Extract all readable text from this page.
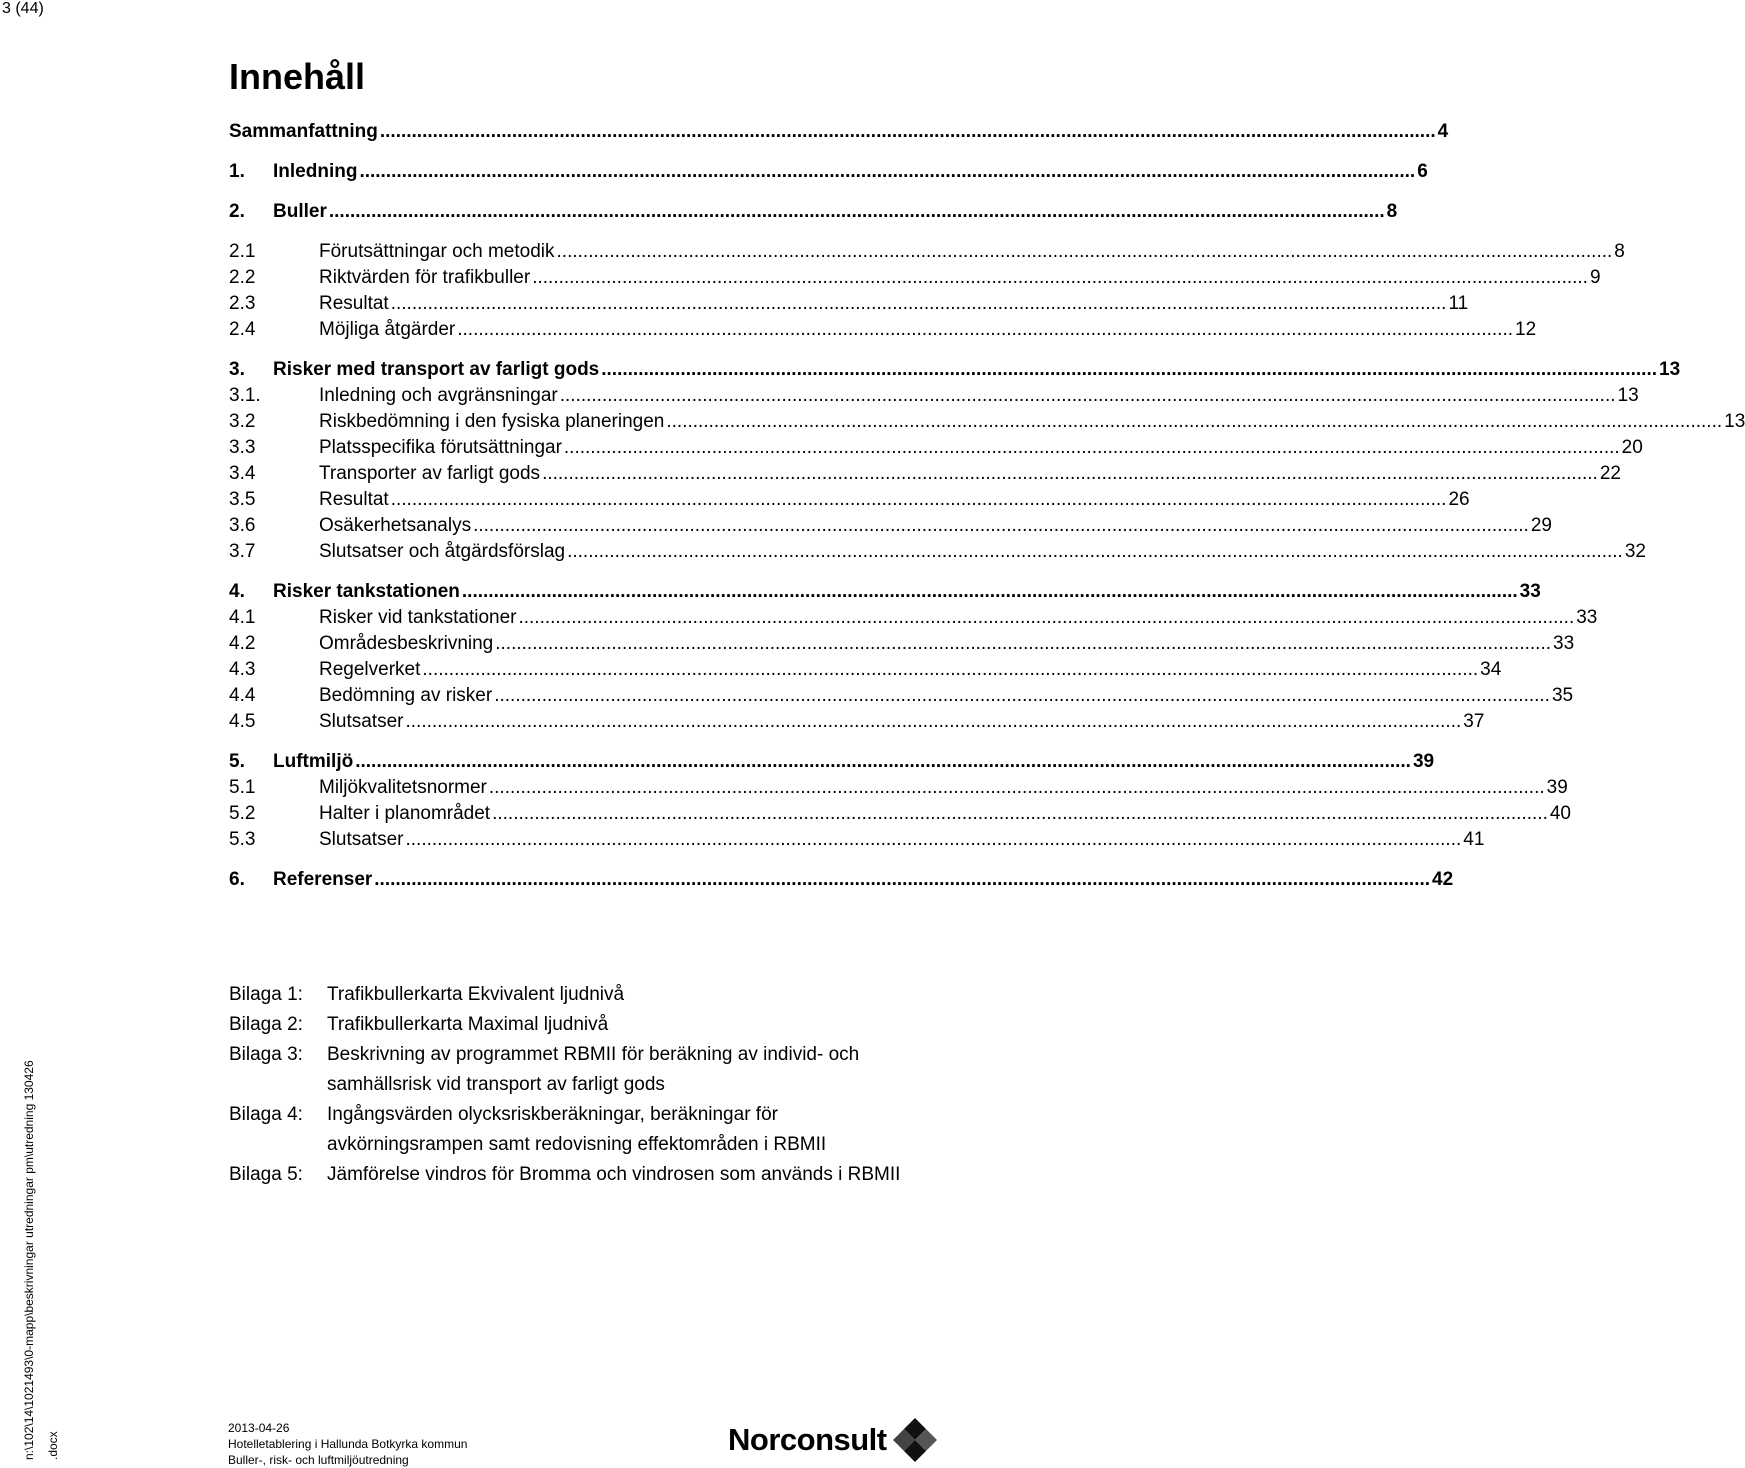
3 (44)
Innehåll
Sammanfattning ........................................................................................................................................................................................................ 4
1.	Inledning ........................................................................................................................................................................................................ 6
2.	Buller ........................................................................................................................................................................................................ 8
2.1	Förutsättningar och metodik ........................................................................................................................................................................................................ 8
2.2	Riktvärden för trafikbuller ........................................................................................................................................................................................................ 9
2.3	Resultat ........................................................................................................................................................................................................ 11
2.4	Möjliga åtgärder ........................................................................................................................................................................................................ 12
3.	Risker med transport av farligt gods ........................................................................................................................................................................................................ 13
3.1.	Inledning och avgränsningar ........................................................................................................................................................................................................ 13
3.2	Riskbedömning i den fysiska planeringen ........................................................................................................................................................................................................ 13
3.3	Platsspecifika förutsättningar ........................................................................................................................................................................................................ 20
3.4	Transporter av farligt gods ........................................................................................................................................................................................................ 22
3.5	Resultat ........................................................................................................................................................................................................ 26
3.6	Osäkerhetsanalys ........................................................................................................................................................................................................ 29
3.7	Slutsatser och åtgärdsförslag ........................................................................................................................................................................................................ 32
4.	Risker tankstationen ........................................................................................................................................................................................................ 33
4.1	Risker vid tankstationer ........................................................................................................................................................................................................ 33
4.2	Områdesbeskrivning ........................................................................................................................................................................................................ 33
4.3	Regelverket ........................................................................................................................................................................................................ 34
4.4	Bedömning av risker ........................................................................................................................................................................................................ 35
4.5	Slutsatser ........................................................................................................................................................................................................ 37
5.	Luftmiljö ........................................................................................................................................................................................................ 39
5.1	Miljökvalitetsnormer ........................................................................................................................................................................................................ 39
5.2	Halter i planområdet ........................................................................................................................................................................................................ 40
5.3	Slutsatser ........................................................................................................................................................................................................ 41
6.	Referenser ........................................................................................................................................................................................................ 42
Bilaga 1:	Trafikbullerkarta Ekvivalent ljudnivå
Bilaga 2:	Trafikbullerkarta Maximal ljudnivå
Bilaga 3:	Beskrivning av programmet RBMII för beräkning av individ- och samhällsrisk vid transport av farligt gods
Bilaga 4:	Ingångsvärden olycksriskberäkningar, beräkningar för avkörningsrampen samt redovisning effektområden i RBMII
Bilaga 5:	Jämförelse vindros för Bromma och vindrosen som används i RBMII
n:\102\14\1021493\0-mapp\beskrivningar utredningar pm\utredning 130426 .docx
2013-04-26
Hotelletablering i Hallunda Botkyrka kommun
Buller-, risk- och luftmiljöutredning
Norconsult
